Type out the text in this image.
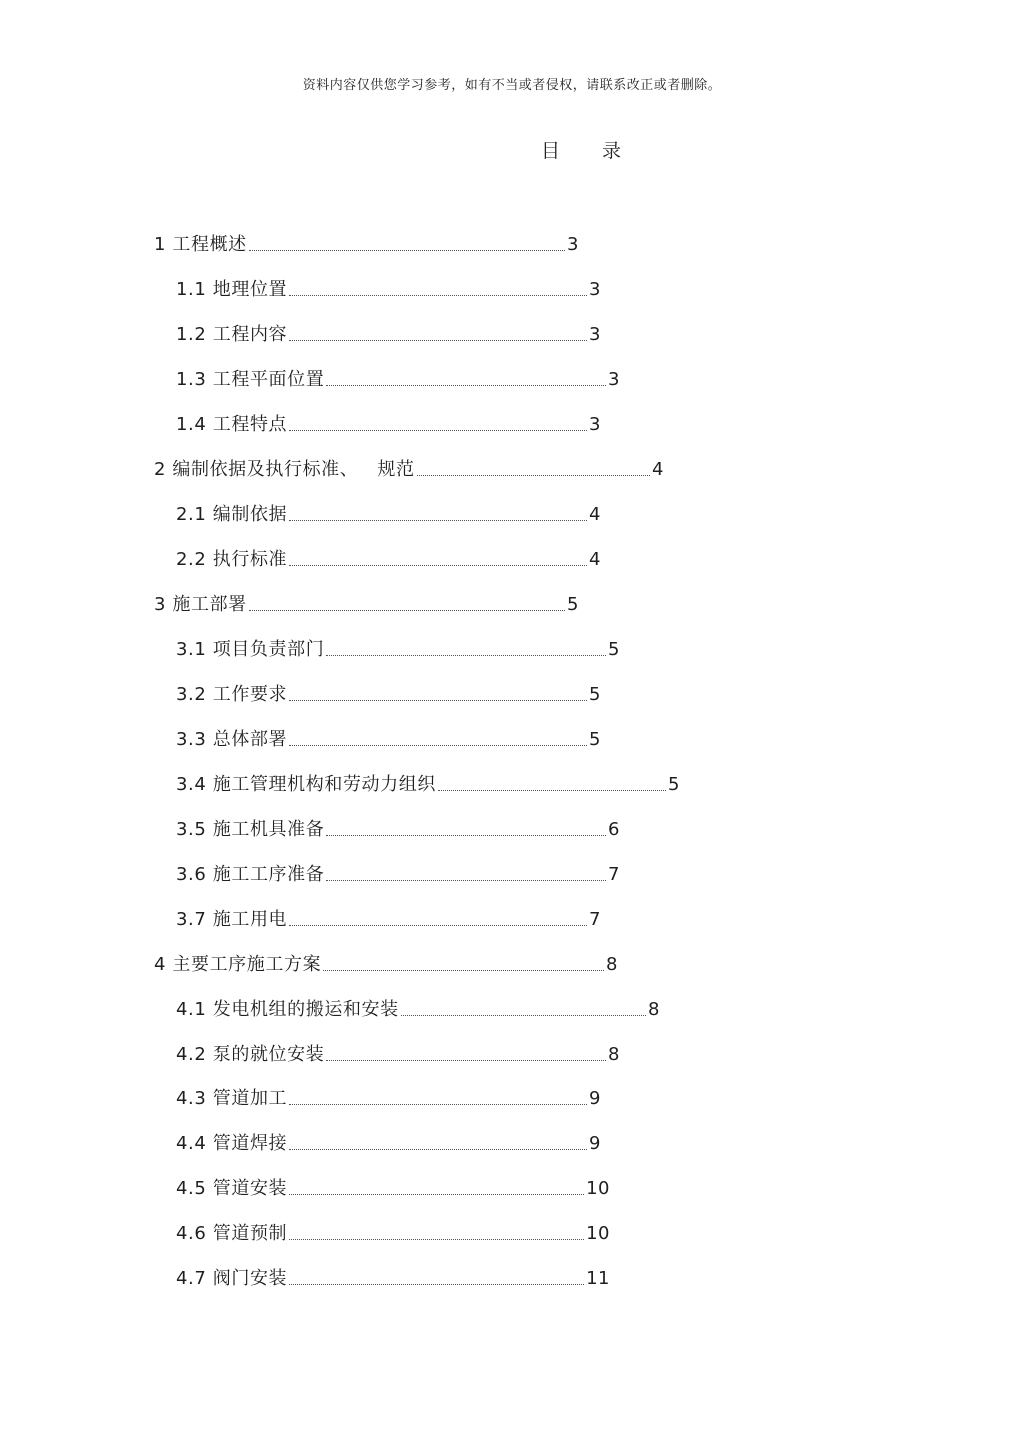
资料内容仅供您学习参考，如有不当或者侵权，请联系改正或者删除。
目 录
1 工程概述	3
1.1 地理位置	3
1.2 工程内容	3
1.3 工程平面位置	3
1.4 工程特点	3
2 编制依据及执行标准、   规范	4
2.1 编制依据	4
2.2 执行标准	4
3 施工部署	5
3.1 项目负责部门	5
3.2 工作要求	5
3.3 总体部署	5
3.4 施工管理机构和劳动力组织	5
3.5 施工机具准备	6
3.6 施工工序准备	7
3.7 施工用电	7
4 主要工序施工方案	8
4.1 发电机组的搬运和安装	8
4.2 泵的就位安装	8
4.3 管道加工	9
4.4 管道焊接	9
4.5 管道安装	10
4.6 管道预制	10
4.7 阀门安装	11
